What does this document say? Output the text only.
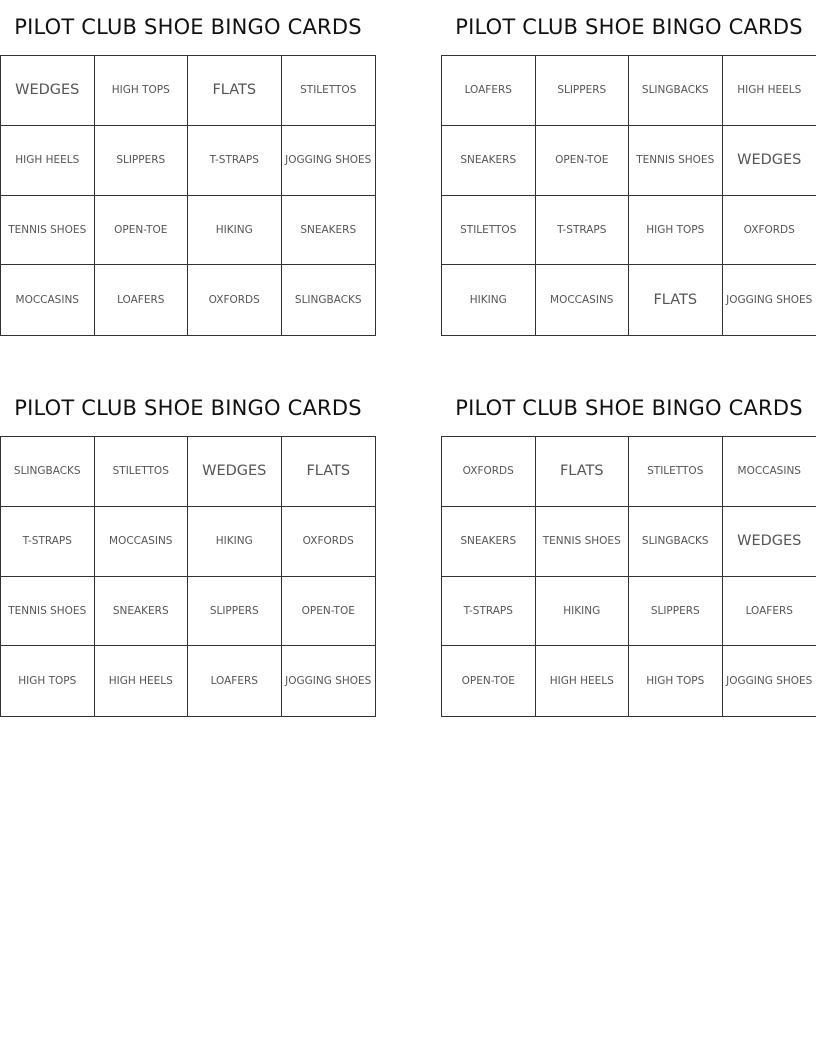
PILOT CLUB SHOE BINGO CARDS
WEDGES	HIGH TOPS	FLATS	STILETTOS
HIGH HEELS	SLIPPERS	T-STRAPS	JOGGING SHOES
TENNIS SHOES	OPEN-TOE	HIKING	SNEAKERS
MOCCASINS	LOAFERS	OXFORDS	SLINGBACKS
PILOT CLUB SHOE BINGO CARDS
LOAFERS	SLIPPERS	SLINGBACKS	HIGH HEELS
SNEAKERS	OPEN-TOE	TENNIS SHOES	WEDGES
STILETTOS	T-STRAPS	HIGH TOPS	OXFORDS
HIKING	MOCCASINS	FLATS	JOGGING SHOES
PILOT CLUB SHOE BINGO CARDS
SLINGBACKS	STILETTOS	WEDGES	FLATS
T-STRAPS	MOCCASINS	HIKING	OXFORDS
TENNIS SHOES	SNEAKERS	SLIPPERS	OPEN-TOE
HIGH TOPS	HIGH HEELS	LOAFERS	JOGGING SHOES
PILOT CLUB SHOE BINGO CARDS
OXFORDS	FLATS	STILETTOS	MOCCASINS
SNEAKERS	TENNIS SHOES	SLINGBACKS	WEDGES
T-STRAPS	HIKING	SLIPPERS	LOAFERS
OPEN-TOE	HIGH HEELS	HIGH TOPS	JOGGING SHOES
